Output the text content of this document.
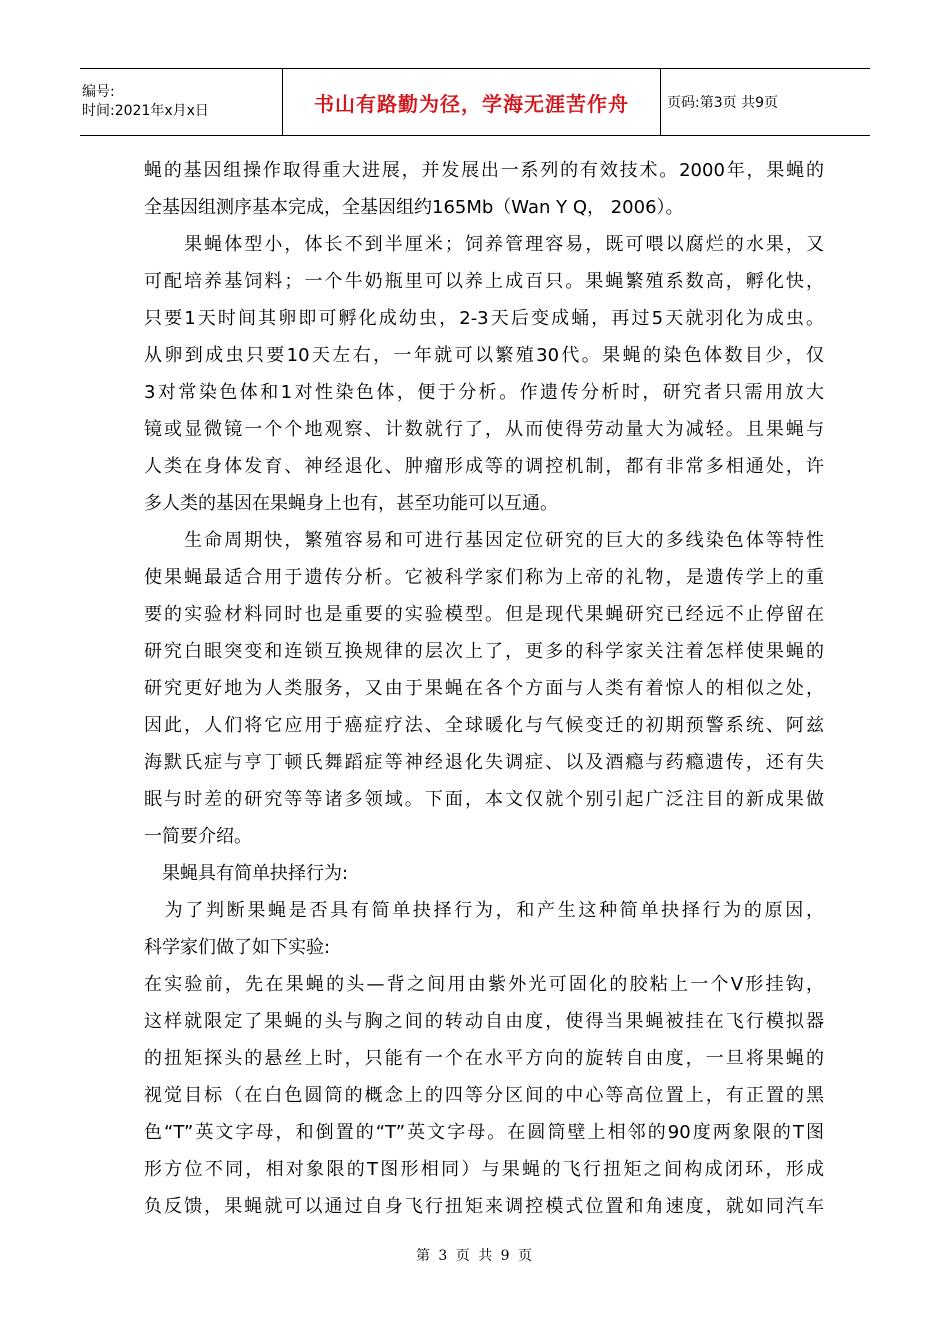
编号:
时间:2021年x月x日	书山有路勤为径，学海无涯苦作舟	页码:第3页 共9页
蝇的基因组操作取得重大进展，并发展出一系列的有效技术。2000年，果蝇的
全基因组测序基本完成，全基因组约165Mb（Wan Y Q， 2006）。
　　果蝇体型小，体长不到半厘米；饲养管理容易，既可喂以腐烂的水果，又
可配培养基饲料；一个牛奶瓶里可以养上成百只。果蝇繁殖系数高，孵化快，
只要1天时间其卵即可孵化成幼虫，2-3天后变成蛹，再过5天就羽化为成虫。
从卵到成虫只要10天左右，一年就可以繁殖30代。果蝇的染色体数目少，仅
3对常染色体和1对性染色体，便于分析。作遗传分析时，研究者只需用放大
镜或显微镜一个个地观察、计数就行了，从而使得劳动量大为减轻。且果蝇与
人类在身体发育、神经退化、肿瘤形成等的调控机制，都有非常多相通处，许
多人类的基因在果蝇身上也有，甚至功能可以互通。
　　生命周期快，繁殖容易和可进行基因定位研究的巨大的多线染色体等特性
使果蝇最适合用于遗传分析。它被科学家们称为上帝的礼物，是遗传学上的重
要的实验材料同时也是重要的实验模型。但是现代果蝇研究已经远不止停留在
研究白眼突变和连锁互换规律的层次上了，更多的科学家关注着怎样使果蝇的
研究更好地为人类服务，又由于果蝇在各个方面与人类有着惊人的相似之处，
因此，人们将它应用于癌症疗法、全球暖化与气候变迁的初期预警系统、阿兹
海默氏症与亨丁顿氏舞蹈症等神经退化失调症、以及酒瘾与药瘾遗传，还有失
眠与时差的研究等等诸多领域。下面，本文仅就个别引起广泛注目的新成果做
一简要介绍。
　果蝇具有简单抉择行为:
　为了判断果蝇是否具有简单抉择行为，和产生这种简单抉择行为的原因，
科学家们做了如下实验:
在实验前，先在果蝇的头—背之间用由紫外光可固化的胶粘上一个V形挂钩，
这样就限定了果蝇的头与胸之间的转动自由度，使得当果蝇被挂在飞行模拟器
的扭矩探头的悬丝上时，只能有一个在水平方向的旋转自由度，一旦将果蝇的
视觉目标（在白色圆筒的概念上的四等分区间的中心等高位置上，有正置的黑
色“T”英文字母，和倒置的“T”英文字母。在圆筒壁上相邻的90度两象限的T图
形方位不同，相对象限的T图形相同）与果蝇的飞行扭矩之间构成闭环，形成
负反馈，果蝇就可以通过自身飞行扭矩来调控模式位置和角速度，就如同汽车
第 3 页 共 9 页
